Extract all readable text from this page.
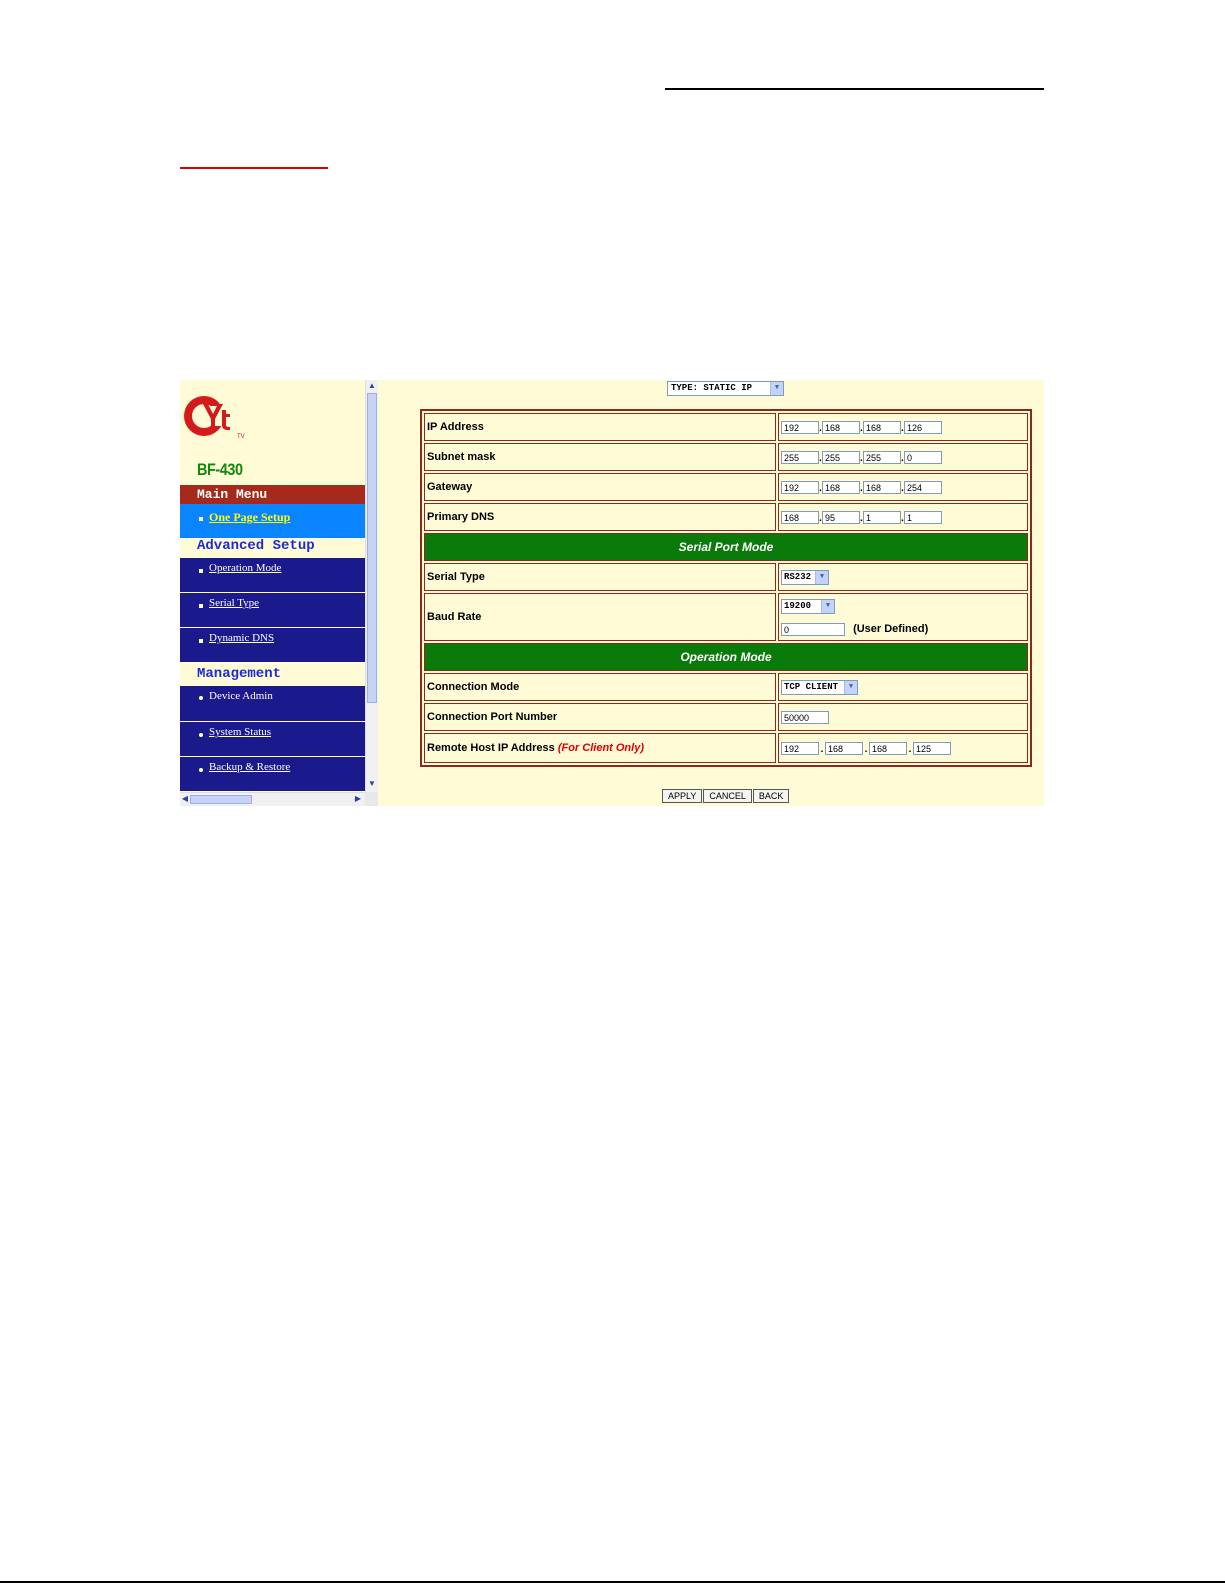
TV
BF-430
Main Menu
One Page Setup
Advanced Setup
Operation Mode
Serial Type
Dynamic DNS
Management
Device Admin
System Status
Backup & Restore
▲
▼
◀	▶
TYPE: STATIC IP	▼
IP Address	192 . 168 . 168 . 126
Subnet mask	255 . 255 . 255 . 0
Gateway	192 . 168 . 168 . 254
Primary DNS	168 . 95 . 1 . 1
Serial Port Mode	
Serial Type	RS232 ▼

Baud Rate	19200 ▼
0 (User Defined)

Operation Mode	
Connection Mode	TCP CLIENT ▼

Connection Port Number	50000
Remote Host IP Address (For Client Only)	192 . 168 . 168 . 125
APPLY CANCEL BACK
